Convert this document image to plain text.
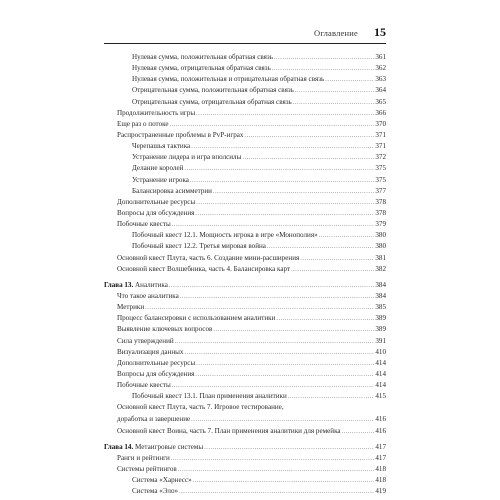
Оглавление 15
Нулевая сумма, положительная обратная связь .....	361
Нулевая сумма, отрицательная обратная связь .....	362
Нулевая сумма, положительная и отрицательная обратная связь .....	363
Отрицательная сумма, положительная обратная связь .....	364
Отрицательная сумма, отрицательная обратная связь .....	365
Продолжительность игры .....	366
Еще раз о потоке .....	370
Распространенные проблемы в PvP-играх .....	371
Черепашья тактика .....	371
Устранение лидера и игра вполсилы .....	372
Делание королей .....	375
Устранение игрока .....	375
Балансировка асимметрии .....	377
Дополнительные ресурсы .....	378
Вопросы для обсуждения .....	378
Побочные квесты .....	379
Побочный квест 12.1. Мощность игрока в игре «Монополия» .....	380
Побочный квест 12.2. Третья мировая война .....	380
Основной квест Плута, часть 6. Создание мини-расширения .....	381
Основной квест Волшебника, часть 4. Балансировка карт .....	382
Глава 13. Аналитика .....	384
Что такое аналитика .....	384
Метрики .....	385
Процесс балансировки с использованием аналитики .....	389
Выявление ключевых вопросов .....	389
Сила утверждений .....	391
Визуализация данных .....	410
Дополнительные ресурсы .....	414
Вопросы для обсуждения .....	414
Побочные квесты .....	414
Побочный квест 13.1. План применения аналитики .....	415
Основной квест Плута, часть 7. Игровое тестирование,
доработка и завершение .....	416
Основной квест Воина, часть 7. План применения аналитики для ремейка .....	416
Глава 14. Метаигровые системы .....	417
Ранги и рейтинги .....	417
Системы рейтингов .....	418
Система «Харнесс» .....	418
Система «Эло» .....	419
